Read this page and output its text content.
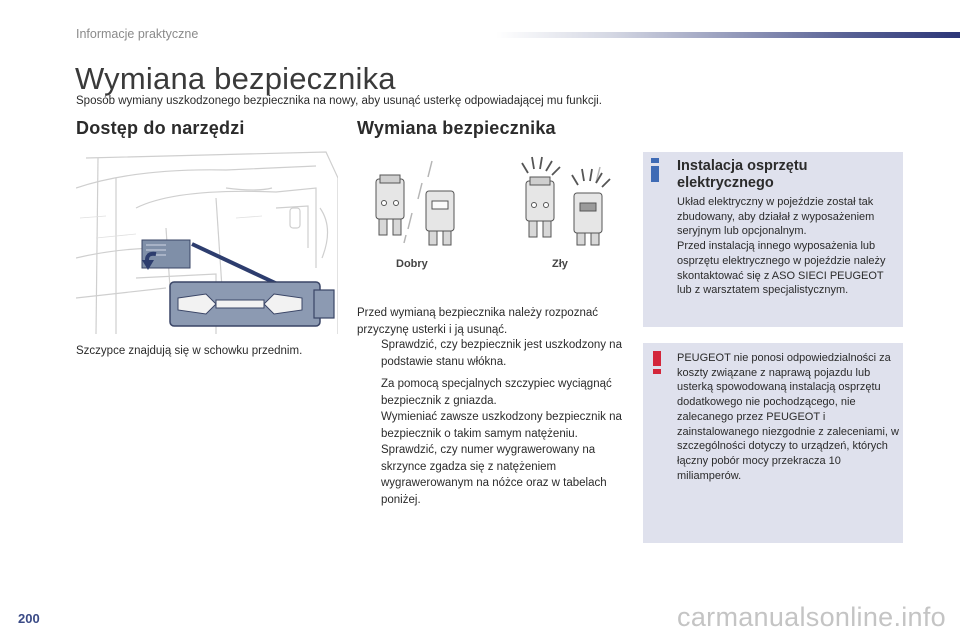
Informacje praktyczne
Wymiana bezpiecznika
Sposób wymiany uszkodzonego bezpiecznika na nowy, aby usunąć usterkę odpowiadającej mu funkcji.
Dostęp do narzędzi	Wymiana bezpiecznika
Szczypce znajdują się w schowku przednim.
Dobry	Zły

Przed wymianą bezpiecznika należy rozpoznać przyczynę usterki i ją usunąć.

Sprawdzić, czy bezpiecznik jest uszkodzony na podstawie stanu włókna.
Za pomocą specjalnych szczypiec wyciągnąć bezpiecznik z gniazda.
Wymieniać zawsze uszkodzony bezpiecznik na bezpiecznik o takim samym natężeniu.
Sprawdzić, czy numer wygrawerowany na skrzynce zgadza się z natężeniem wygrawerowanym na nóżce oraz w tabelach poniżej.
Instalacja osprzętu elektrycznego
Układ elektryczny w pojeździe został tak zbudowany, aby działał z wyposażeniem seryjnym lub opcjonalnym.
Przed instalacją innego wyposażenia lub osprzętu elektrycznego w pojeździe należy skontaktować się z ASO SIECI PEUGEOT lub z warsztatem specjalistycznym.
PEUGEOT nie ponosi odpowiedzialności za koszty związane z naprawą pojazdu lub usterką spowodowaną instalacją osprzętu dodatkowego nie pochodzącego, nie zalecanego przez PEUGEOT i zainstalowanego niezgodnie z zaleceniami, w szczególności dotyczy to urządzeń, których łączny pobór mocy przekracza 10 miliamperów.
200	carmanualsonline.info
